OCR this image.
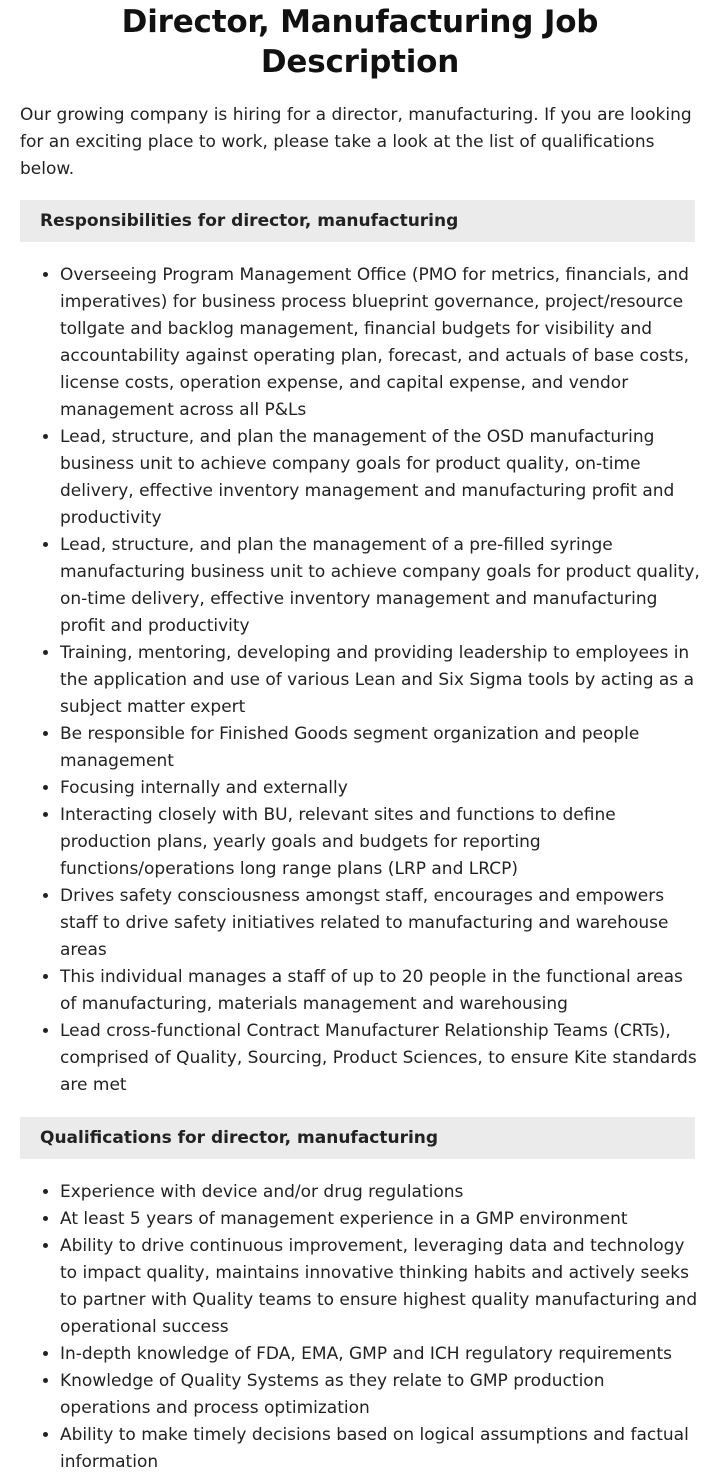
Director, Manufacturing Job Description

Our growing company is hiring for a director, manufacturing. If you are looking for an exciting place to work, please take a look at the list of qualifications below.

Responsibilities for director, manufacturing
• Overseeing Program Management Office (PMO for metrics, financials, and imperatives) for business process blueprint governance, project/resource tollgate and backlog management, financial budgets for visibility and accountability against operating plan, forecast, and actuals of base costs, license costs, operation expense, and capital expense, and vendor management across all P&Ls
• Lead, structure, and plan the management of the OSD manufacturing business unit to achieve company goals for product quality, on-time delivery, effective inventory management and manufacturing profit and productivity
• Lead, structure, and plan the management of a pre-filled syringe manufacturing business unit to achieve company goals for product quality, on-time delivery, effective inventory management and manufacturing profit and productivity
• Training, mentoring, developing and providing leadership to employees in the application and use of various Lean and Six Sigma tools by acting as a subject matter expert
• Be responsible for Finished Goods segment organization and people management
• Focusing internally and externally
• Interacting closely with BU, relevant sites and functions to define production plans, yearly goals and budgets for reporting functions/operations long range plans (LRP and LRCP)
• Drives safety consciousness amongst staff, encourages and empowers staff to drive safety initiatives related to manufacturing and warehouse areas
• This individual manages a staff of up to 20 people in the functional areas of manufacturing, materials management and warehousing
• Lead cross-functional Contract Manufacturer Relationship Teams (CRTs), comprised of Quality, Sourcing, Product Sciences, to ensure Kite standards are met
Qualifications for director, manufacturing
• Experience with device and/or drug regulations
• At least 5 years of management experience in a GMP environment
• Ability to drive continuous improvement, leveraging data and technology to impact quality, maintains innovative thinking habits and actively seeks to partner with Quality teams to ensure highest quality manufacturing and operational success
• In-depth knowledge of FDA, EMA, GMP and ICH regulatory requirements
• Knowledge of Quality Systems as they relate to GMP production operations and process optimization
• Ability to make timely decisions based on logical assumptions and factual information
